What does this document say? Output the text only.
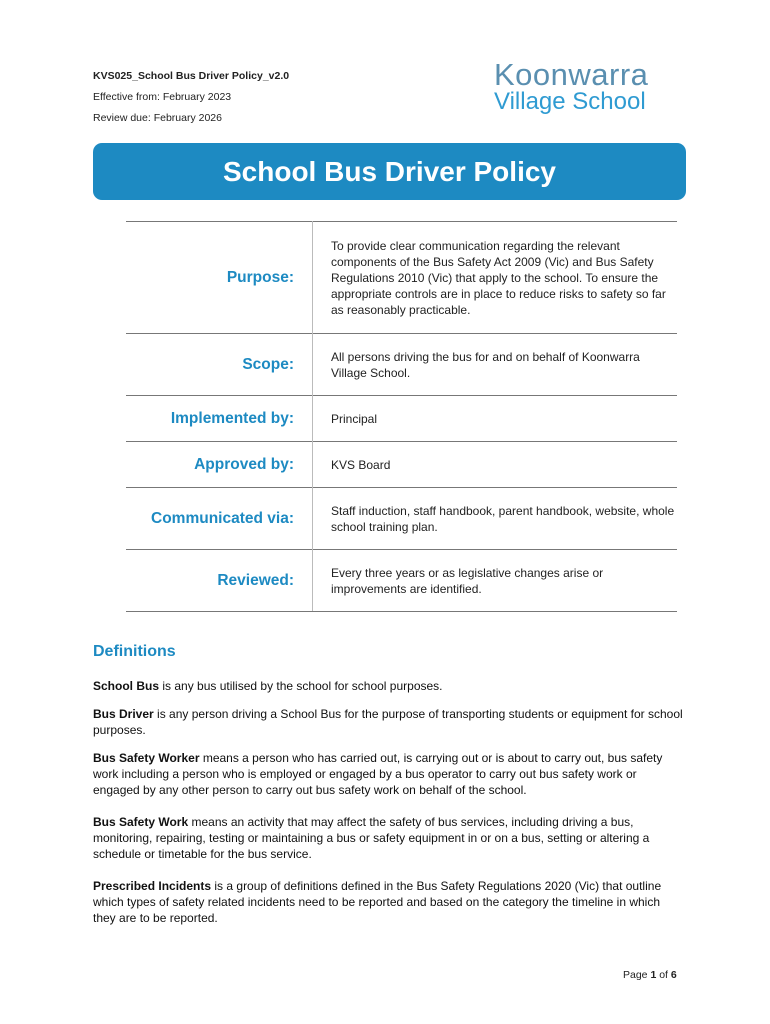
KVS025_School Bus Driver Policy_v2.0
Effective from: February 2023
Review due: February 2026
Koonwarra
Village School
School Bus Driver Policy
Purpose:	To provide clear communication regarding the relevant components of the Bus Safety Act 2009 (Vic) and Bus Safety Regulations 2010 (Vic) that apply to the school. To ensure the appropriate controls are in place to reduce risks to safety so far as reasonably practicable.
Scope:	All persons driving the bus for and on behalf of Koonwarra Village School.
Implemented by:	Principal
Approved by:	KVS Board
Communicated via:	Staff induction, staff handbook, parent handbook, website, whole school training plan.
Reviewed:	Every three years or as legislative changes arise or improvements are identified.
Definitions
School Bus is any bus utilised by the school for school purposes.
Bus Driver is any person driving a School Bus for the purpose of transporting students or equipment for school purposes.
Bus Safety Worker means a person who has carried out, is carrying out or is about to carry out, bus safety work including a person who is employed or engaged by a bus operator to carry out bus safety work or engaged by any other person to carry out bus safety work on behalf of the school.
Bus Safety Work means an activity that may affect the safety of bus services, including driving a bus, monitoring, repairing, testing or maintaining a bus or safety equipment in or on a bus, setting or altering a schedule or timetable for the bus service.
Prescribed Incidents is a group of definitions defined in the Bus Safety Regulations 2020 (Vic) that outline which types of safety related incidents need to be reported and based on the category the timeline in which they are to be reported.
Page 1 of 6
